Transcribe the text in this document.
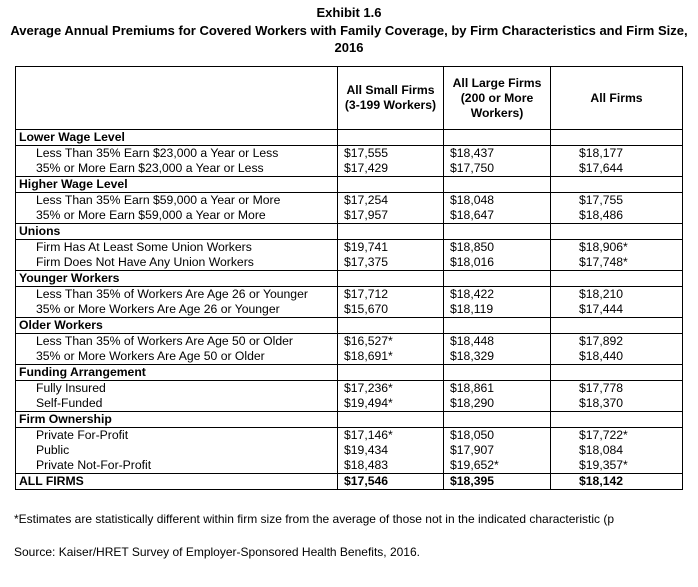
Exhibit 1.6
Average Annual Premiums for Covered Workers with Family Coverage, by Firm Characteristics and Firm Size, 2016
	All Small Firms (3-199 Workers)	All Large Firms (200 or More Workers)	All Firms
Lower Wage Level			
Less Than 35% Earn $23,000 a Year or Less	$17,555	$18,437	$18,177
35% or More Earn $23,000 a Year or Less	$17,429	$17,750	$17,644
Higher Wage Level			
Less Than 35% Earn $59,000 a Year or More	$17,254	$18,048	$17,755
35% or More Earn $59,000 a Year or More	$17,957	$18,647	$18,486
Unions			
Firm Has At Least Some Union Workers	$19,741	$18,850	$18,906*
Firm Does Not Have Any Union Workers	$17,375	$18,016	$17,748*
Younger Workers			
Less Than 35% of Workers Are Age 26 or Younger	$17,712	$18,422	$18,210
35% or More Workers Are Age 26 or Younger	$15,670	$18,119	$17,444
Older Workers			
Less Than 35% of Workers Are Age 50 or Older	$16,527*	$18,448	$17,892
35% or More Workers Are Age 50 or Older	$18,691*	$18,329	$18,440
Funding Arrangement			
Fully Insured	$17,236*	$18,861	$17,778
Self-Funded	$19,494*	$18,290	$18,370
Firm Ownership			
Private For-Profit	$17,146*	$18,050	$17,722*
Public	$19,434	$17,907	$18,084
Private Not-For-Profit	$18,483	$19,652*	$19,357*
ALL FIRMS	$17,546	$18,395	$18,142
*Estimates are statistically different within firm size from the average of those not in the indicated characteristic (p
Source: Kaiser/HRET Survey of Employer-Sponsored Health Benefits, 2016.
